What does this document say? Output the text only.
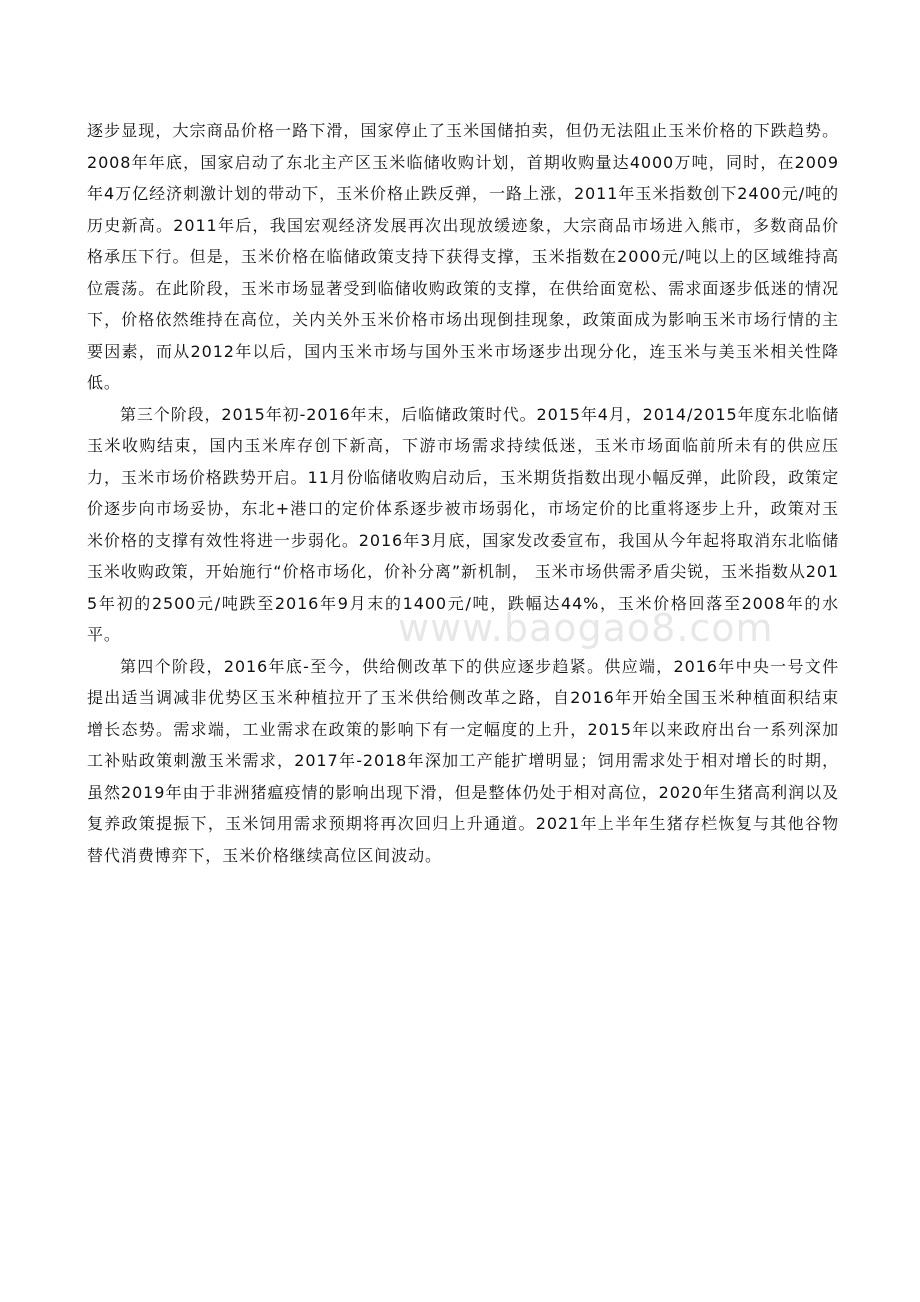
逐步显现，大宗商品价格一路下滑，国家停止了玉米国储拍卖，但仍无法阻止玉米价格的下跌趋势。2008年年底，国家启动了东北主产区玉米临储收购计划，首期收购量达4000万吨，同时，在2009年4万亿经济刺激计划的带动下，玉米价格止跌反弹，一路上涨，2011年玉米指数创下2400元/吨的历史新高。2011年后，我国宏观经济发展再次出现放缓迹象，大宗商品市场进入熊市，多数商品价格承压下行。但是，玉米价格在临储政策支持下获得支撑，玉米指数在2000元/吨以上的区域维持高位震荡。在此阶段，玉米市场显著受到临储收购政策的支撑，在供给面宽松、需求面逐步低迷的情况下，价格依然维持在高位，关内关外玉米价格市场出现倒挂现象，政策面成为影响玉米市场行情的主要因素，而从2012年以后，国内玉米市场与国外玉米市场逐步出现分化，连玉米与美玉米相关性降低。

第三个阶段，2015年初-2016年末，后临储政策时代。2015年4月，2014/2015年度东北临储玉米收购结束，国内玉米库存创下新高，下游市场需求持续低迷，玉米市场面临前所未有的供应压力，玉米市场价格跌势开启。11月份临储收购启动后，玉米期货指数出现小幅反弹，此阶段，政策定价逐步向市场妥协，东北+港口的定价体系逐步被市场弱化，市场定价的比重将逐步上升，政策对玉米价格的支撑有效性将进一步弱化。2016年3月底，国家发改委宣布，我国从今年起将取消东北临储玉米收购政策，开始施行“价格市场化，价补分离”新机制， 玉米市场供需矛盾尖锐，玉米指数从2015年初的2500元/吨跌至2016年9月末的1400元/吨，跌幅达44%，玉米价格回落至2008年的水平。

第四个阶段，2016年底-至今，供给侧改革下的供应逐步趋紧。供应端，2016年中央一号文件提出适当调减非优势区玉米种植拉开了玉米供给侧改革之路，自2016年开始全国玉米种植面积结束增长态势。需求端，工业需求在政策的影响下有一定幅度的上升，2015年以来政府出台一系列深加工补贴政策刺激玉米需求，2017年-2018年深加工产能扩增明显；饲用需求处于相对增长的时期，虽然2019年由于非洲猪瘟疫情的影响出现下滑，但是整体仍处于相对高位，2020年生猪高利润以及复养政策提振下，玉米饲用需求预期将再次回归上升通道。2021年上半年生猪存栏恢复与其他谷物替代消费博弈下，玉米价格继续高位区间波动。

www.baogao8.com
